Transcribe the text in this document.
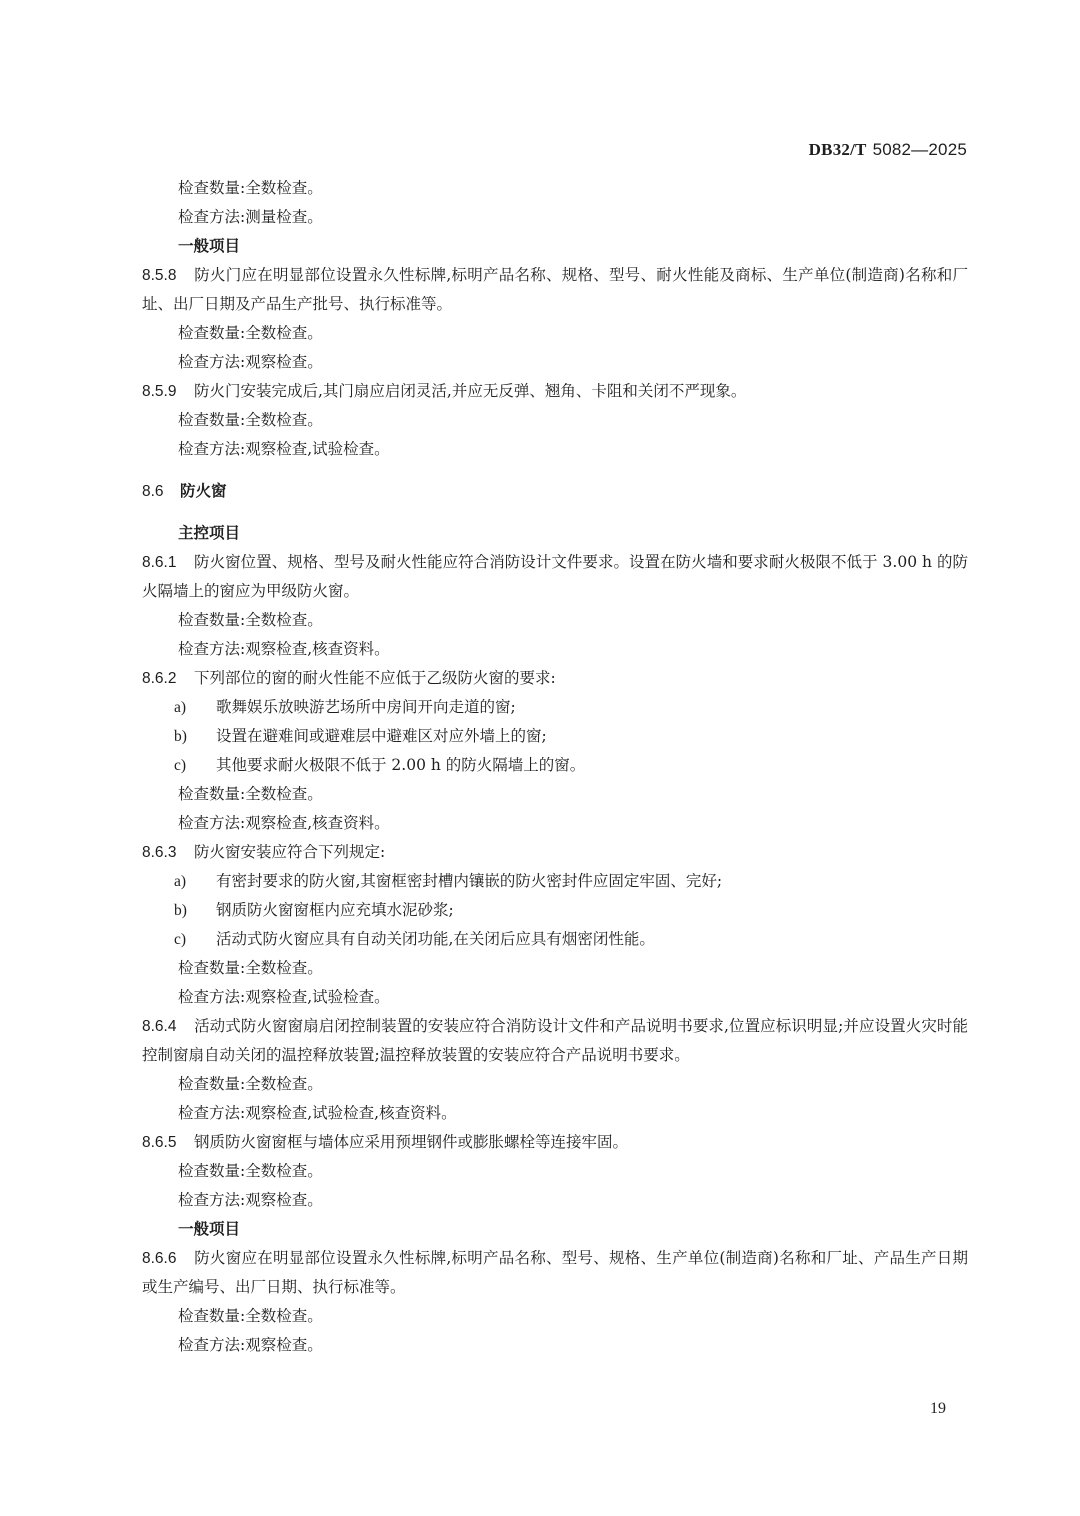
DB32/T 5082—2025
检查数量:全数检查。
检查方法:测量检查。
一般项目
8.5.8 防火门应在明显部位设置永久性标牌,标明产品名称、规格、型号、耐火性能及商标、生产单位(制造商)名称和厂址、出厂日期及产品生产批号、执行标准等。
检查数量:全数检查。
检查方法:观察检查。
8.5.9 防火门安装完成后,其门扇应启闭灵活,并应无反弹、翘角、卡阻和关闭不严现象。
检查数量:全数检查。
检查方法:观察检查,试验检查。
8.6 防火窗
主控项目
8.6.1 防火窗位置、规格、型号及耐火性能应符合消防设计文件要求。设置在防火墙和要求耐火极限不低于 3.00 h 的防火隔墙上的窗应为甲级防火窗。
检查数量:全数检查。
检查方法:观察检查,核查资料。
8.6.2 下列部位的窗的耐火性能不应低于乙级防火窗的要求:
a) 歌舞娱乐放映游艺场所中房间开向走道的窗;
b) 设置在避难间或避难层中避难区对应外墙上的窗;
c) 其他要求耐火极限不低于 2.00 h 的防火隔墙上的窗。
检查数量:全数检查。
检查方法:观察检查,核查资料。
8.6.3 防火窗安装应符合下列规定:
a) 有密封要求的防火窗,其窗框密封槽内镶嵌的防火密封件应固定牢固、完好;
b) 钢质防火窗窗框内应充填水泥砂浆;
c) 活动式防火窗应具有自动关闭功能,在关闭后应具有烟密闭性能。
检查数量:全数检查。
检查方法:观察检查,试验检查。
8.6.4 活动式防火窗窗扇启闭控制装置的安装应符合消防设计文件和产品说明书要求,位置应标识明显;并应设置火灾时能控制窗扇自动关闭的温控释放装置;温控释放装置的安装应符合产品说明书要求。
检查数量:全数检查。
检查方法:观察检查,试验检查,核查资料。
8.6.5 钢质防火窗窗框与墙体应采用预埋钢件或膨胀螺栓等连接牢固。
检查数量:全数检查。
检查方法:观察检查。
一般项目
8.6.6 防火窗应在明显部位设置永久性标牌,标明产品名称、型号、规格、生产单位(制造商)名称和厂址、产品生产日期或生产编号、出厂日期、执行标准等。
检查数量:全数检查。
检查方法:观察检查。
19
